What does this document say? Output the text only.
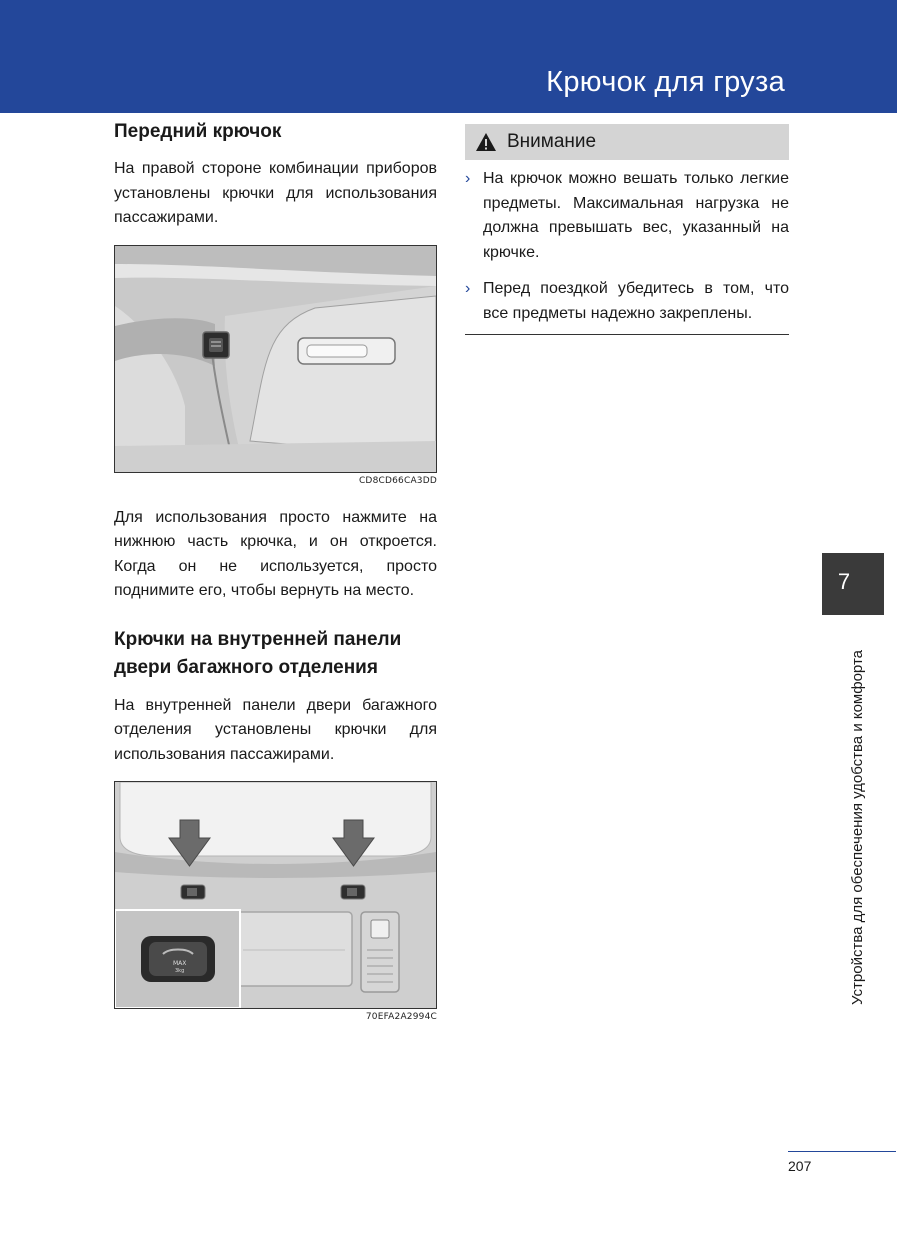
Крючок для груза
Передний крючок

На правой стороне комбинации приборов установлены крючки для использования пассажирами.

CD8CD66CA3DD

Для использования просто нажмите на нижнюю часть крючка, и он откроется. Когда он не используется, просто поднимите его, чтобы вернуть на место.

Крючки на внутренней панели
двери багажного отделения

На внутренней панели двери багажного отделения установлены крючки для использования пассажирами.

MAX
3kg
70EFA2A2994C
Внимание
› На крючок можно вешать только легкие предметы. Максимальная нагрузка не должна превышать вес, указанный на крючке.
› Перед поездкой убедитесь в том, что все предметы надежно закреплены.
7
Устройства для обеспечения удобства и комфорта
207
